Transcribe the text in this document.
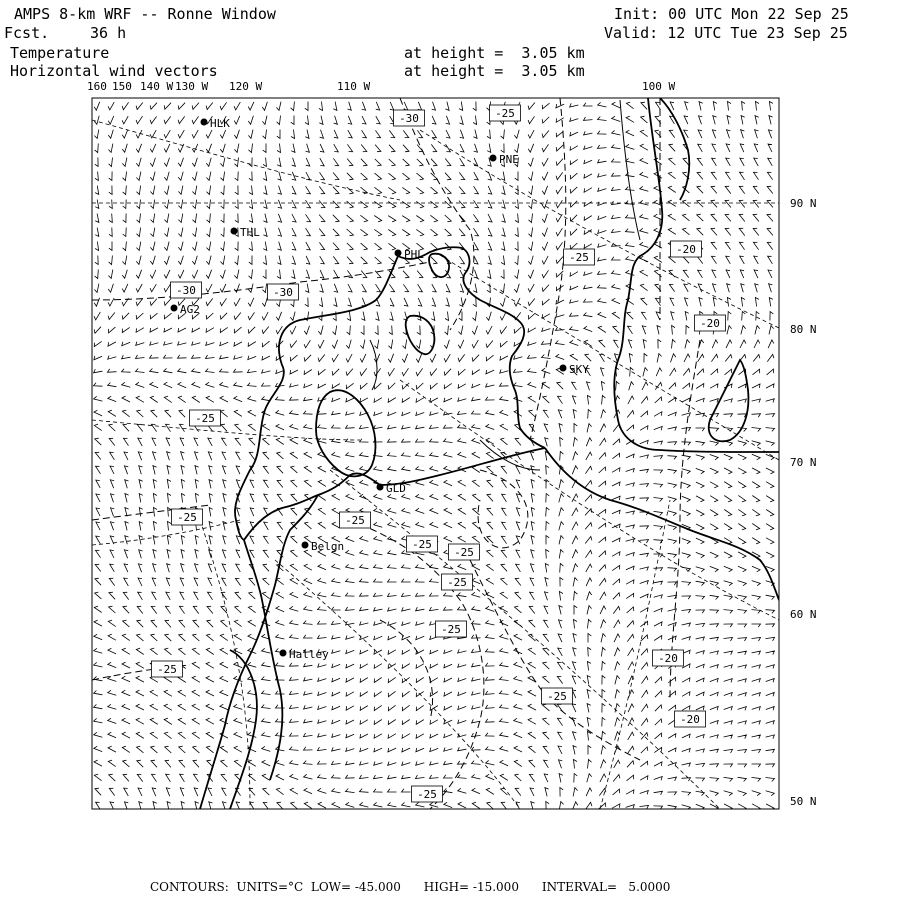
AMPS 8-km WRF -- Ronne Window
Fcst.	36 h
Temperature
Horizontal wind vectors
at height =  3.05 km
at height =  3.05 km
Init: 00 UTC Mon 22 Sep 25
Valid: 12 UTC Tue 23 Sep 25
HLK
PNE
THL
PHL
AG2
SKY
GLD
Belgn
Halley
-30	-25
-25
-20
-30	-30
-20
-25
-25	-25
-25
-25
-25
-25
-25
-20
-25
-20
-25
160 150 140 W 130 W 120 W	110 W	100 W
90 N
80 N
70 N
60 N
50 N
CONTOURS:  UNITS=°C  LOW= -45.000      HIGH= -15.000      INTERVAL=   5.0000
